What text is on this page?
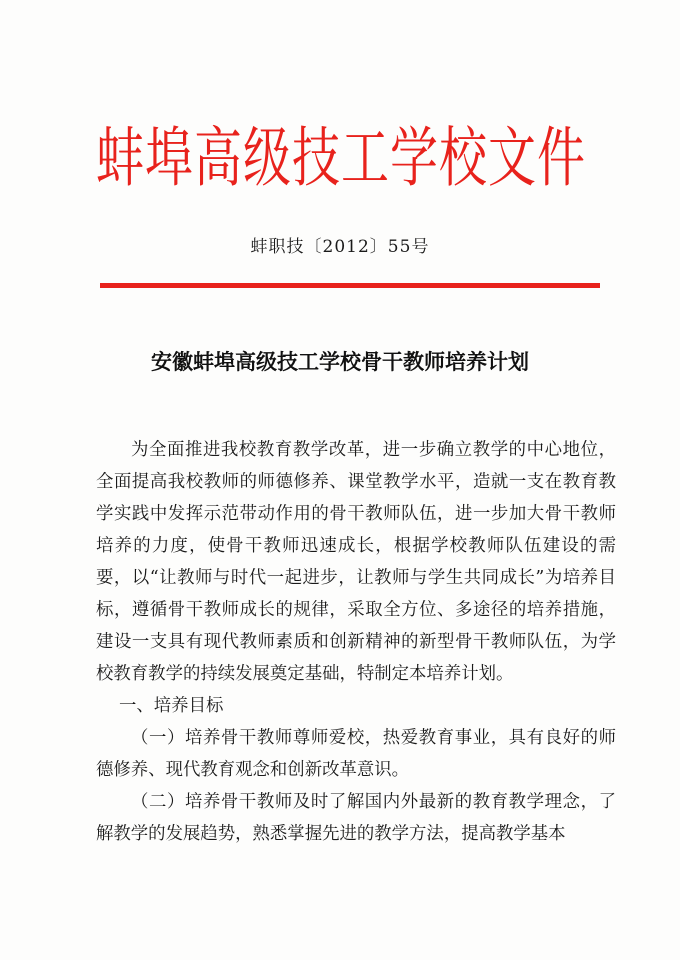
蚌埠高级技工学校文件
蚌职技〔2012〕55号
安徽蚌埠高级技工学校骨干教师培养计划

为全面推进我校教育教学改革，进一步确立教学的中心地位，全面提高我校教师的师德修养、课堂教学水平，造就一支在教育教学实践中发挥示范带动作用的骨干教师队伍，进一步加大骨干教师培养的力度，使骨干教师迅速成长，根据学校教师队伍建设的需要，以“让教师与时代一起进步，让教师与学生共同成长”为培养目标，遵循骨干教师成长的规律，采取全方位、多途径的培养措施，建设一支具有现代教师素质和创新精神的新型骨干教师队伍，为学校教育教学的持续发展奠定基础，特制定本培养计划。

一、培养目标

（一）培养骨干教师尊师爱校，热爱教育事业，具有良好的师德修养、现代教育观念和创新改革意识。

（二）培养骨干教师及时了解国内外最新的教育教学理念，了解教学的发展趋势，熟悉掌握先进的教学方法，提高教学基本
